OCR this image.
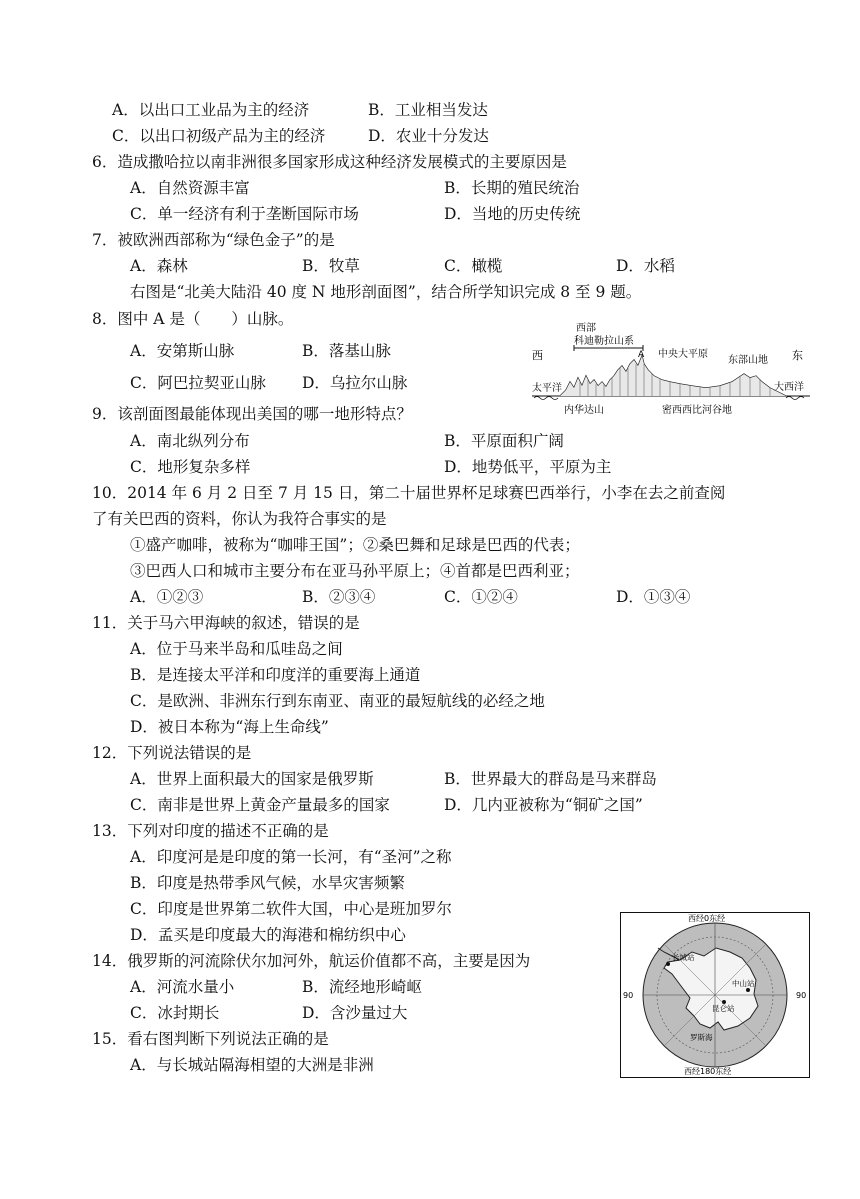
A．以出口工业品为主的经济	B．工业相当发达
C．以出口初级产品为主的经济	D．农业十分发达
6．造成撒哈拉以南非洲很多国家形成这种经济发展模式的主要原因是
A．自然资源丰富	B．长期的殖民统治
C．单一经济有利于垄断国际市场	D．当地的历史传统
7．被欧洲西部称为“绿色金子”的是
A．森林	B．牧草	C．橄榄	D．水稻
右图是“北美大陆沿 40 度 N 地形剖面图”，结合所学知识完成 8 至 9 题。
8．图中 A 是（　　）山脉。
A．安第斯山脉	B．落基山脉
C．阿巴拉契亚山脉 D．乌拉尔山脉
西部
科迪勒拉山系
A
西	中央大平原
东部山地 东
太平洋	大西洋
内华达山	密西西比河谷地
9．该剖面图最能体现出美国的哪一地形特点？
A．南北纵列分布	B．平原面积广阔
C．地形复杂多样	D．地势低平，平原为主
10．2014 年 6 月 2 日至 7 月 15 日，第二十届世界杯足球赛巴西举行，小李在去之前查阅
了有关巴西的资料，你认为我符合事实的是
①盛产咖啡，被称为“咖啡王国”；②桑巴舞和足球是巴西的代表；
③巴西人口和城市主要分布在亚马孙平原上；④首都是巴西利亚；
A．①②③	B．②③④	C．①②④	D．①③④
11．关于马六甲海峡的叙述，错误的是
A．位于马来半岛和瓜哇岛之间
B．是连接太平洋和印度洋的重要海上通道
C．是欧洲、非洲东行到东南亚、南亚的最短航线的必经之地
D．被日本称为“海上生命线”
12．下列说法错误的是
A．世界上面积最大的国家是俄罗斯	B．世界最大的群岛是马来群岛
C．南非是世界上黄金产量最多的国家	D．几内亚被称为“铜矿之国”
13．下列对印度的描述不正确的是
A．印度河是是印度的第一长河，有“圣河”之称
B．印度是热带季风气候，水旱灾害频繁
C．印度是世界第二软件大国，中心是班加罗尔
D．孟买是印度最大的海港和棉纺织中心
14．俄罗斯的河流除伏尔加河外，航运价值都不高，主要是因为
A．河流水量小	B．流经地形崎岖
C．冰封期长	D．含沙量过大
15．看右图判断下列说法正确的是
A．与长城站隔海相望的大洲是非洲
西经0东经
西经180东经
90	90
长城站
中山站
昆仑站
罗斯海
